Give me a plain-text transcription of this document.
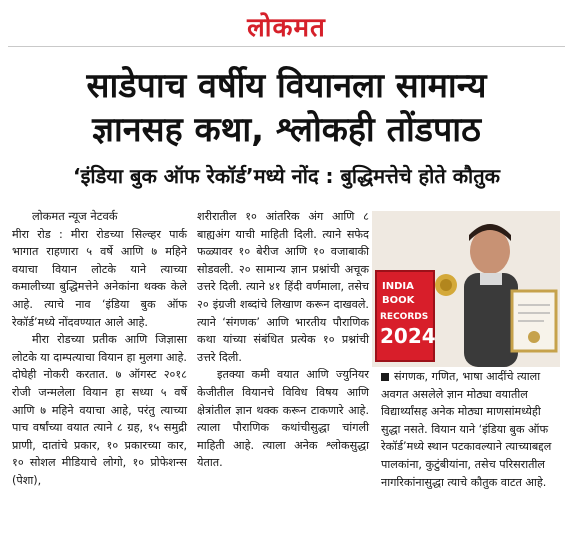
लोकमत
साडेपाच वर्षीय वियानला सामान्य
ज्ञानसह कथा, श्लोकही तोंडपाठ
‘इंडिया बुक ऑफ रेकॉर्ड’मध्ये नोंद : बुद्धिमत्तेचे होते कौतुक

लोकमत न्यूज नेटवर्क

मीरा रोड : मीरा रोडच्या सिल्व्हर पार्क भागात राहणारा ५ वर्षे आणि ७ महिने वयाचा वियान लोटके याने त्याच्या कमालीच्या बुद्धिमत्तेने अनेकांना थक्क केले आहे. त्याचे नाव ‘इंडिया बुक ऑफ रेकॉर्ड’मध्ये नोंदवण्यात आले आहे.

मीरा रोडच्या प्रतीक आणि जिज्ञासा लोटके या दाम्पत्याचा वियान हा मुलगा आहे. दोघेही नोकरी करतात. ७ ऑगस्ट २०१८ रोजी जन्मलेला वियान हा सध्या ५ वर्षे आणि ७ महिने वयाचा आहे, परंतु त्याच्या पाच वर्षांच्या वयात त्याने ८ ग्रह, १५ समुद्री प्राणी, दातांचे प्रकार, १० प्रकारच्या कार, १० सोशल मीडियाचे लोगो, १० प्रोफेशन्स (पेशा),

शरीरातील १० आंतरिक अंग आणि ८ बाह्यअंग याची माहिती दिली. त्याने सफेद फळ्यावर १० बेरीज आणि १० वजाबाकी सोडवली. २० सामान्य ज्ञान प्रश्नांची अचूक उत्तरे दिली. त्याने ४१ हिंदी वर्णमाला, तसेच २० इंग्रजी शब्दांचे लिखाण करून दाखवले. त्याने ‘संगणक’ आणि भारतीय पौराणिक कथा यांच्या संबंधित प्रत्येक १० प्रश्नांची उत्तरे दिली.

इतक्या कमी वयात आणि ज्युनियर केजीतील वियानचे विविध विषय आणि क्षेत्रांतील ज्ञान थक्क करून टाकणारे आहे. त्याला पौराणिक कथांचीसुद्धा चांगली माहिती आहे. त्याला अनेक श्लोकसुद्धा येतात.

INDIA
BOOK
RECORDS
2024
संगणक, गणित, भाषा आदींचे त्याला अवगत असलेले ज्ञान मोठ्या वयातील विद्यार्थ्यांसह अनेक मोठ्या माणसांमध्येही सुद्धा नसते. वियान याने ‘इंडिया बुक ऑफ रेकॉर्ड’मध्ये स्थान पटकावल्याने त्याच्याबद्दल पालकांना, कुटुंबीयांना, तसेच परिसरातील नागरिकांनासुद्धा त्याचे कौतुक वाटत आहे.
